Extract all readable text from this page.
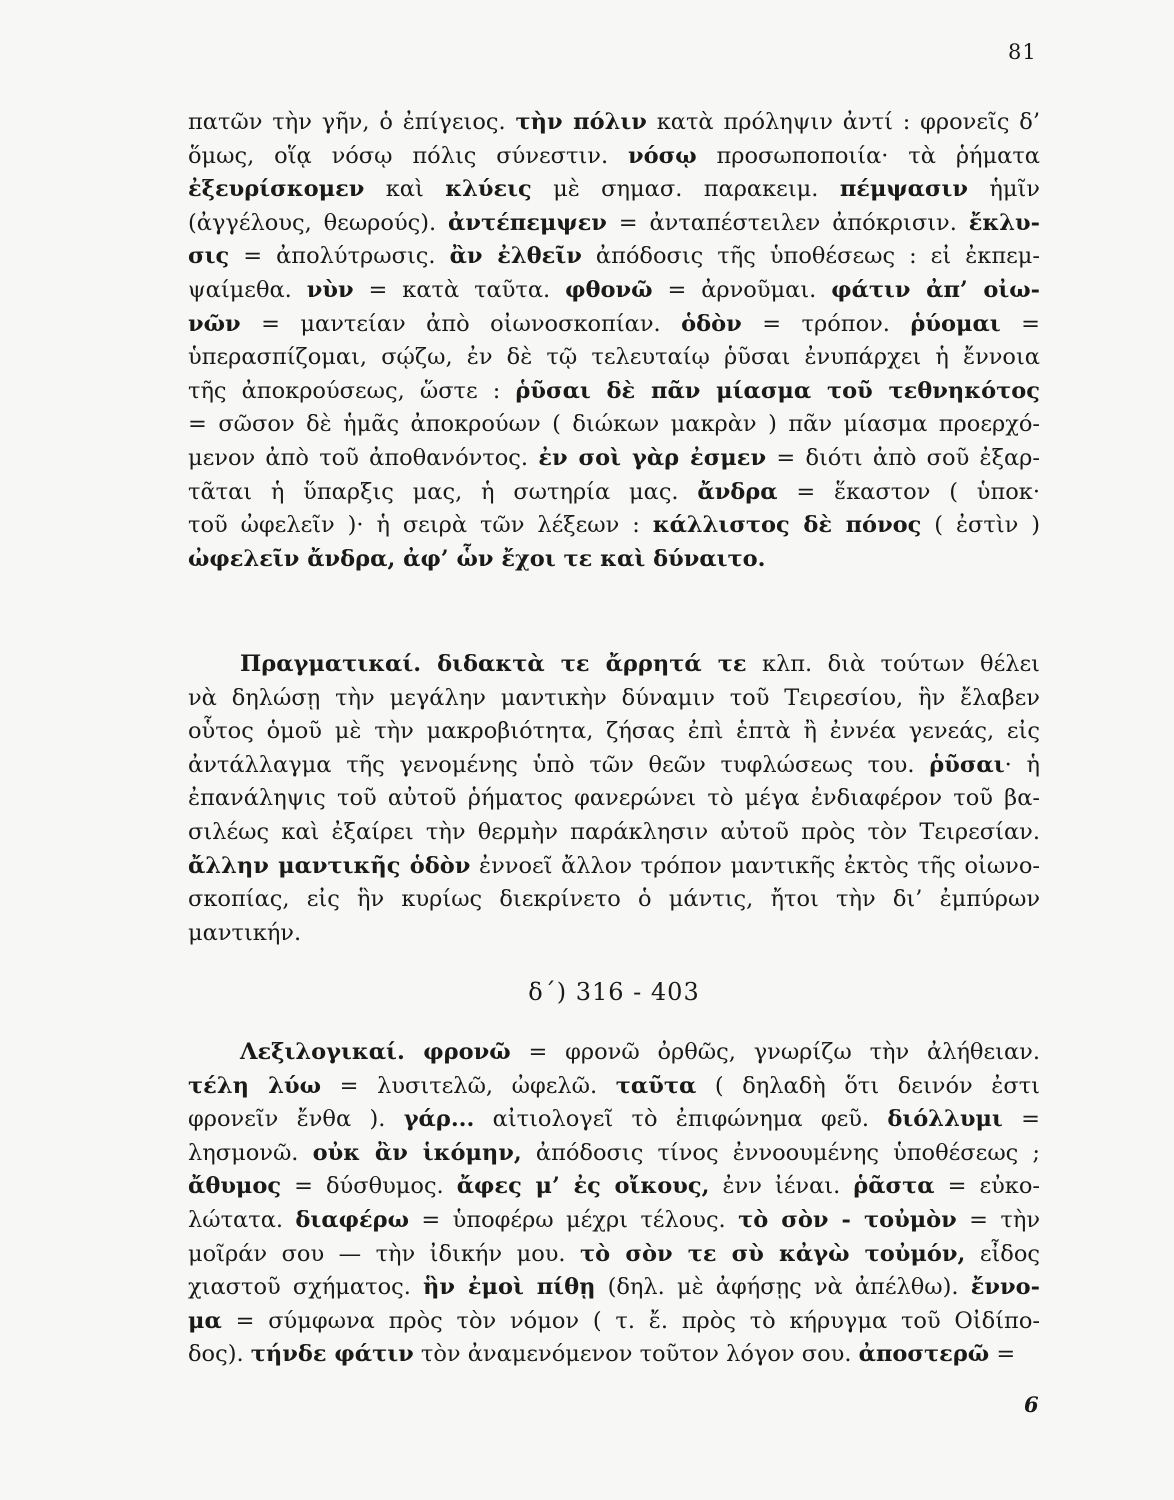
81
πατῶν τὴν γῆν, ὁ ἐπίγειος. τὴν πόλιν κατὰ πρόληψιν ἀντί : φρονεῖς δ’
ὅμως, οἵᾳ νόσῳ πόλις σύνεστιν. νόσῳ προσωποποιία· τὰ ῥήματα
ἐξευρίσκομεν καὶ κλύεις μὲ σημασ. παρακειμ. πέμψασιν ἡμῖν
(ἀγγέλους, θεωρούς). ἀντέπεμψεν = ἀνταπέστειλεν ἀπόκρισιν. ἔκλυ-
σις = ἀπολύτρωσις. ἂν ἐλθεῖν ἀπόδοσις τῆς ὑποθέσεως : εἰ ἐκπεμ-
ψαίμεθα. νὺν = κατὰ ταῦτα. φθονῶ = ἀρνοῦμαι. φάτιν ἀπ’ οἰω-
νῶν = μαντείαν ἀπὸ οἰωνοσκοπίαν. ὁδὸν = τρόπον. ῥύομαι =
ὑπερασπίζομαι, σῴζω, ἐν δὲ τῷ τελευταίῳ ῥῦσαι ἐνυπάρχει ἡ ἔννοια
τῆς ἀποκρούσεως, ὥστε : ῥῦσαι δὲ πᾶν μίασμα τοῦ τεθνηκότος
= σῶσον δὲ ἡμᾶς ἀποκρούων ( διώκων μακρὰν ) πᾶν μίασμα προερχό-
μενον ἀπὸ τοῦ ἀποθανόντος. ἐν σοὶ γὰρ ἐσμεν = διότι ἀπὸ σοῦ ἐξαρ-
τᾶται ἡ ὕπαρξις μας, ἡ σωτηρία μας. ἄνδρα = ἕκαστον ( ὑποκ·
τοῦ ὠφελεῖν )· ἡ σειρὰ τῶν λέξεων : κάλλιστος δὲ πόνος ( ἐστὶν )
ὠφελεῖν ἄνδρα, ἀφ’ ὧν ἔχοι τε καὶ δύναιτο.
Πραγματικαί. διδακτὰ τε ἄρρητά τε κλπ. διὰ τούτων θέλει
νὰ δηλώσῃ τὴν μεγάλην μαντικὴν δύναμιν τοῦ Τειρεσίου, ἣν ἔλαβεν
οὗτος ὁμοῦ μὲ τὴν μακροβιότητα, ζήσας ἐπὶ ἑπτὰ ἢ ἐννέα γενεάς, εἰς
ἀντάλλαγμα τῆς γενομένης ὑπὸ τῶν θεῶν τυφλώσεως του. ῥῦσαι· ἡ
ἐπανάληψις τοῦ αὐτοῦ ῥήματος φανερώνει τὸ μέγα ἐνδιαφέρον τοῦ βα-
σιλέως καὶ ἐξαίρει τὴν θερμὴν παράκλησιν αὐτοῦ πρὸς τὸν Τειρεσίαν.
ἄλλην μαντικῆς ὁδὸν ἐννοεῖ ἄλλον τρόπον μαντικῆς ἐκτὸς τῆς οἰωνο-
σκοπίας, εἰς ἣν κυρίως διεκρίνετο ὁ μάντις, ἤτοι τὴν δι’ ἐμπύρων
μαντικήν.
δ΄) 316 - 403
Λεξιλογικαί. φρονῶ = φρονῶ ὀρθῶς, γνωρίζω τὴν ἀλήθειαν.
τέλη λύω = λυσιτελῶ, ὠφελῶ. ταῦτα ( δηλαδὴ ὅτι δεινόν ἐστι
φρονεῖν ἔνθα ). γάρ... αἰτιολογεῖ τὸ ἐπιφώνημα φεῦ. διόλλυμι =
λησμονῶ. οὐκ ἂν ἱκόμην, ἀπόδοσις τίνος ἐννοουμένης ὑποθέσεως ;
ἄθυμος = δύσθυμος. ἄφες μ’ ἐς οἴκους, ἐνν ἰέναι. ῥᾶστα = εὐκο-
λώτατα. διαφέρω = ὑποφέρω μέχρι τέλους. τὸ σὸν - τοὐμὸν = τὴν
μοῖράν σου — τὴν ἰδικήν μου. τὸ σὸν τε σὺ κἀγὼ τοὐμόν, εἶδος
χιαστοῦ σχήματος. ἣν ἐμοὶ πίθῃ (δηλ. μὲ ἀφήσῃς νὰ ἀπέλθω). ἔννο-
μα = σύμφωνα πρὸς τὸν νόμον ( τ. ἔ. πρὸς τὸ κήρυγμα τοῦ Οἰδίπο-
δος). τήνδε φάτιν τὸν ἀναμενόμενον τοῦτον λόγον σου. ἀποστερῶ =
6
